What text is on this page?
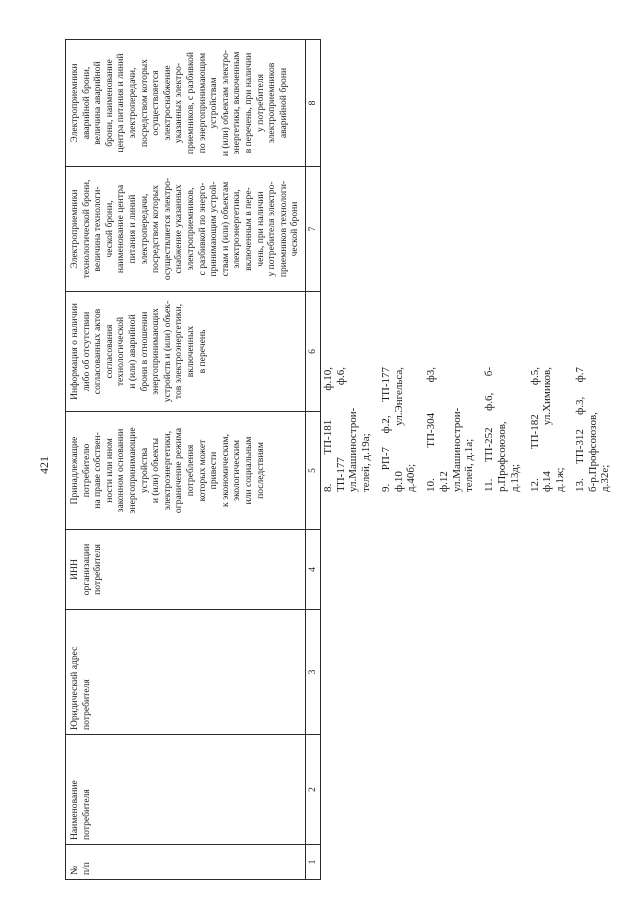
421
№
п/п
Наименование
потребителя
Юридический адрес
потребителя
ИНН
организации
потребителя
Принадлежащие
потребителю
на праве собствен-
ности или ином
законном основании
энергопринимающие
устройства
и (или) объекты
электроэнергетики,
ограничение режима
потребления
которых может
привести
к экономическим,
экологическим
или социальным
последствиям
Информация о наличии
либо об отсутствии
согласованных актов
согласования
технологической
и (или) аварийной
брони в отношении
энергопринимающих
устройств и (или) объек-
тов электроэнергетики,
включенных
в перечень
Электроприемники
технологической брони,
величина технологи-
ческой брони,
наименование центра
питания и линий
электропередачи,
посредством которых
осуществляется электро-
снабжение указанных
электроприемников,
с разбивкой по энерго-
принимающим устрой-
ствам и (или) объектам
электроэнергетики,
включенным в пере-
чень, при наличии
у потребителя электро-
приемников технологи-
ческой брони
Электроприемники
аварийной брони,
величина аварийной
брони, наименование
центра питания и линий
электропередачи,
посредством которых
осуществляется
электроснабжение
указанных электро-
приемников, с разбивкой
по энергопринимающим
устройствам
и (или) объектам электро-
энергетики, включенным
в перечень, при наличии
у потребителя
электроприемников
аварийной брони
1
2
3
4
5
6
7
8
8. ТП-181 ф.10, ТП-177 ф.6, ул.Машинострои- телей, д.19а; 9. РП-7 ф.2, ТП-177 ф.10 ул.Энгельса, д.40б; 10. ТП-304 ф3, ф.12 ул.Машинострои- телей, д.1а; 11. ТП-252 ф.6, б- р.Профсоюзов, д.13д; 12. ТП-182 ф.5, ф.14 ул.Химиков, д.1ж; 13. ТП-312 ф.3, ф.7 б-р.Профсоюзов, д.32е;
